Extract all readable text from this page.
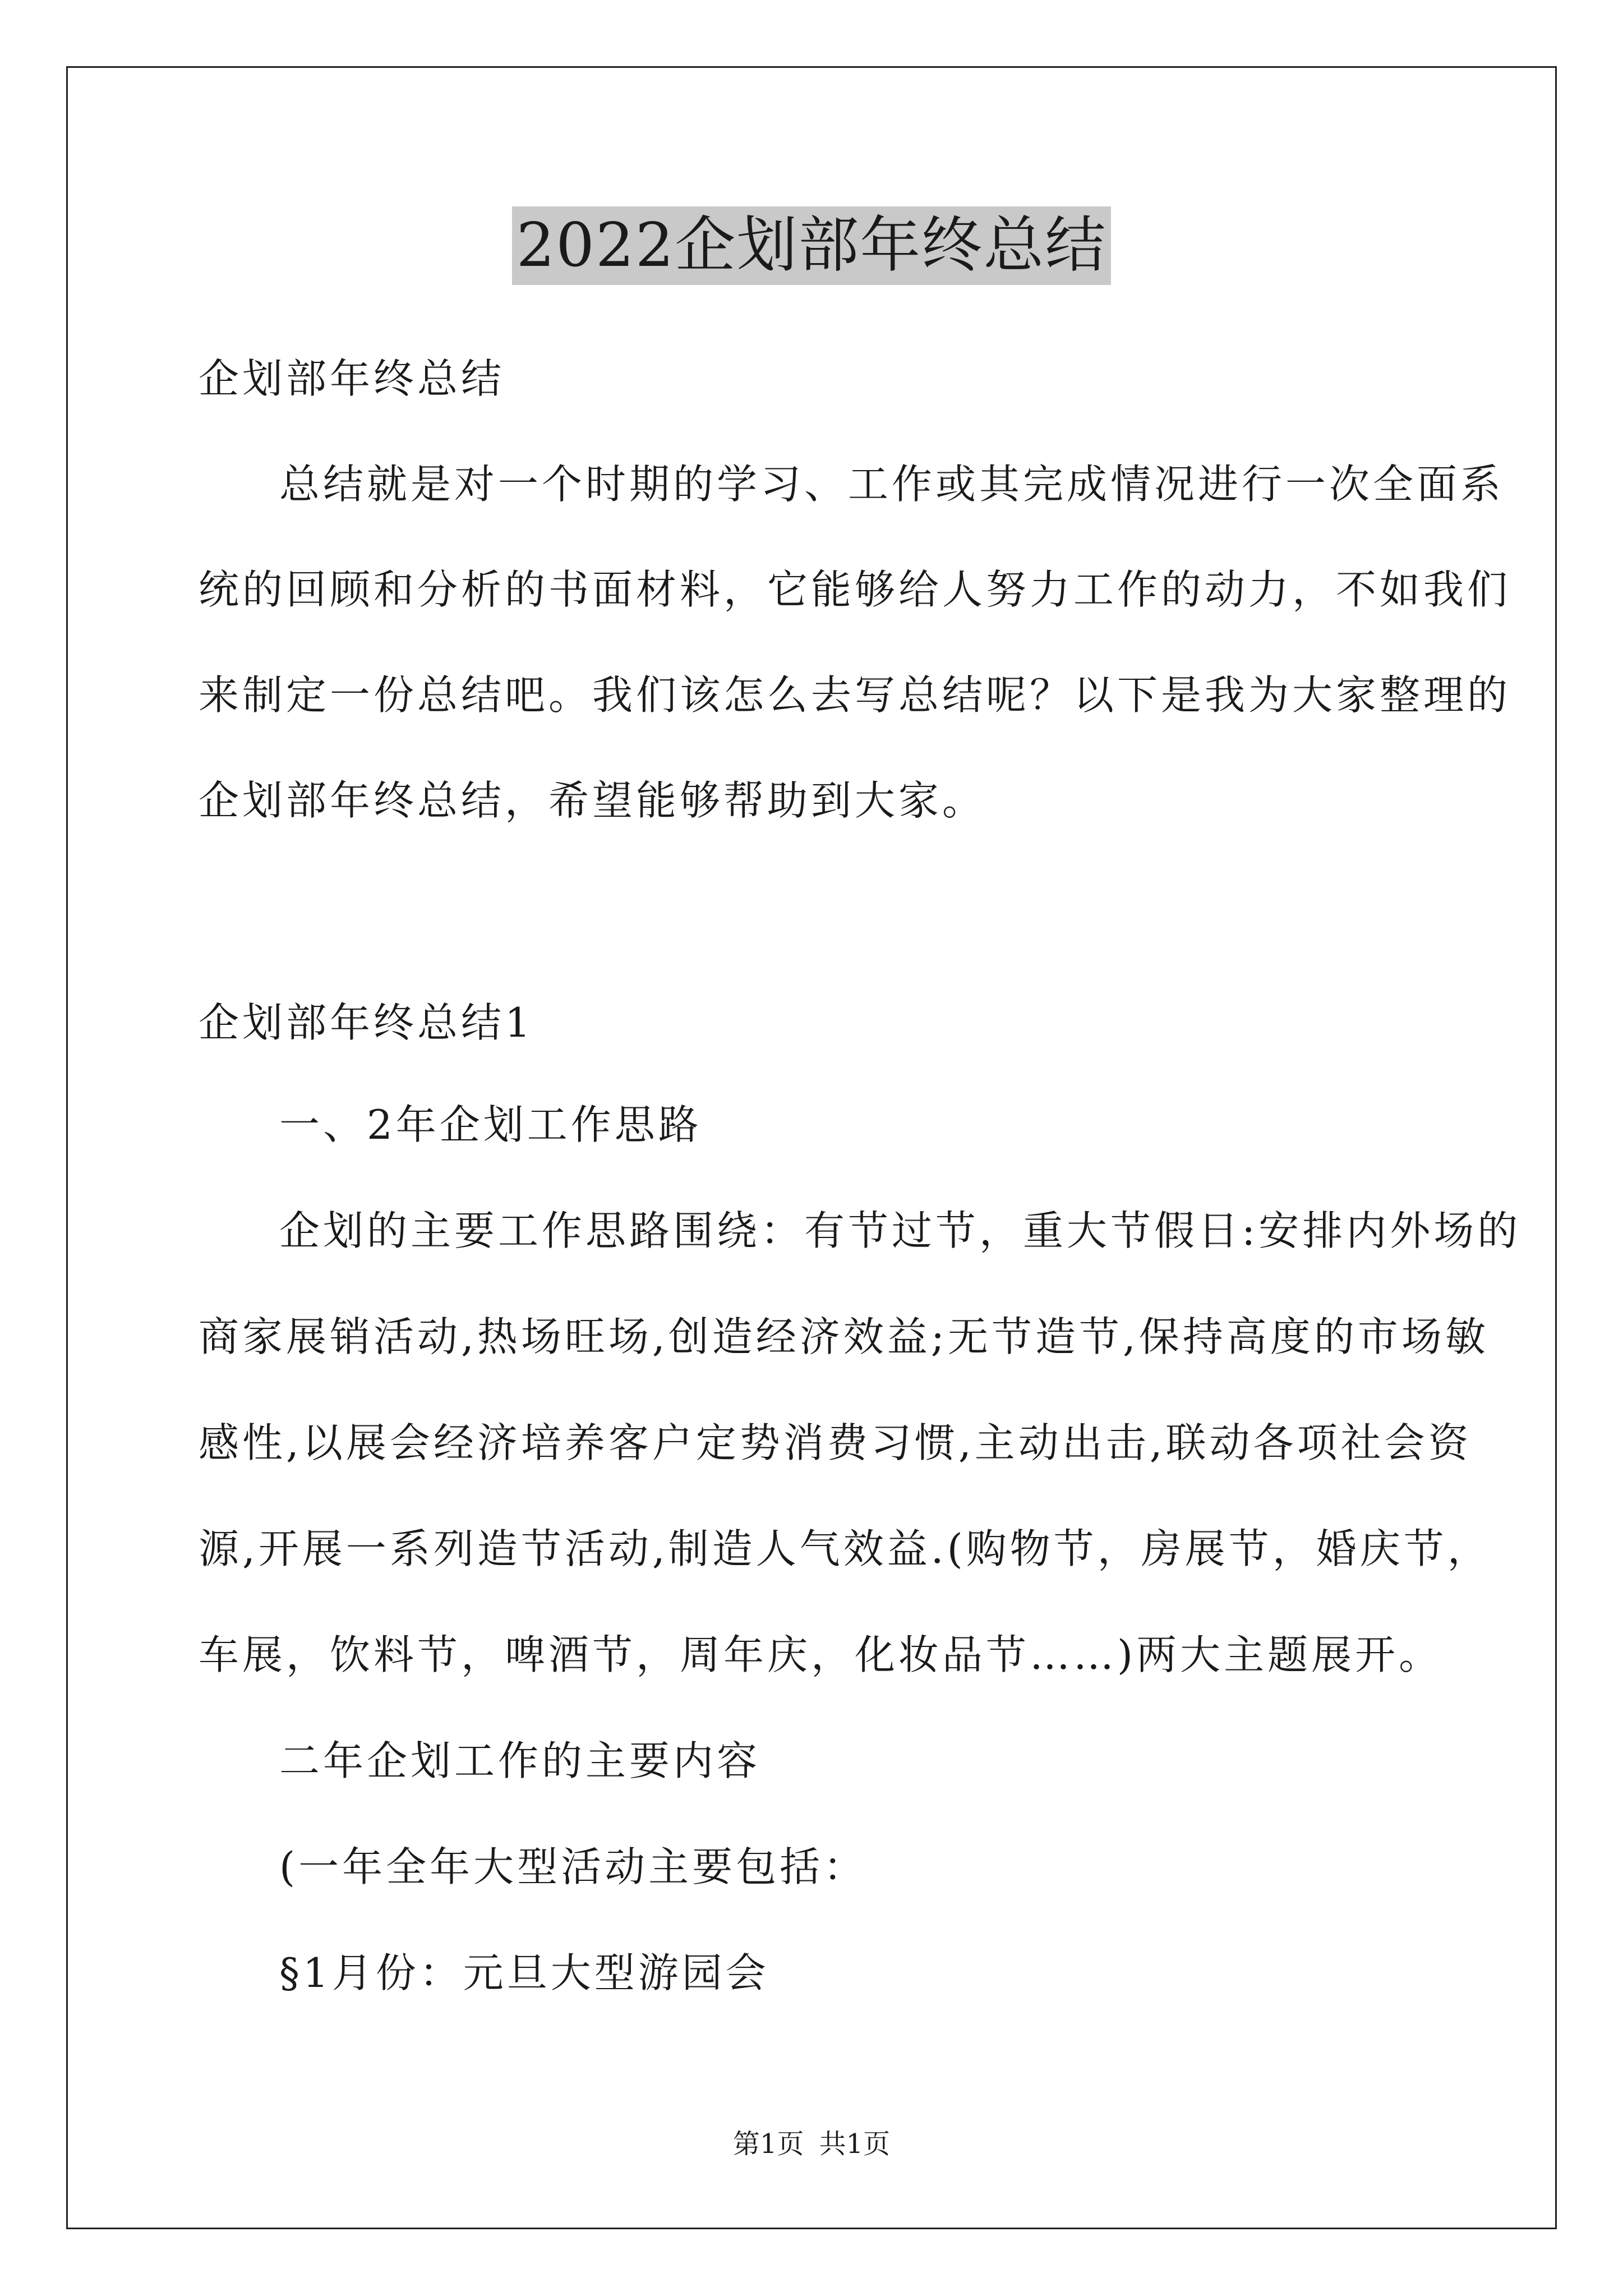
2022企划部年终总结
企划部年终总结
总结就是对一个时期的学习、工作或其完成情况进行一次全面系
统的回顾和分析的书面材料，它能够给人努力工作的动力，不如我们
来制定一份总结吧。我们该怎么去写总结呢？以下是我为大家整理的
企划部年终总结，希望能够帮助到大家。
企划部年终总结1
一、2年企划工作思路
企划的主要工作思路围绕：有节过节，重大节假日:安排内外场的
商家展销活动,热场旺场,创造经济效益;无节造节,保持高度的市场敏
感性,以展会经济培养客户定势消费习惯,主动出击,联动各项社会资
源,开展一系列造节活动,制造人气效益.(购物节，房展节，婚庆节，
车展，饮料节，啤酒节，周年庆，化妆品节……)两大主题展开。
二年企划工作的主要内容
(一年全年大型活动主要包括：
§1月份：元旦大型游园会
第1页 共1页
